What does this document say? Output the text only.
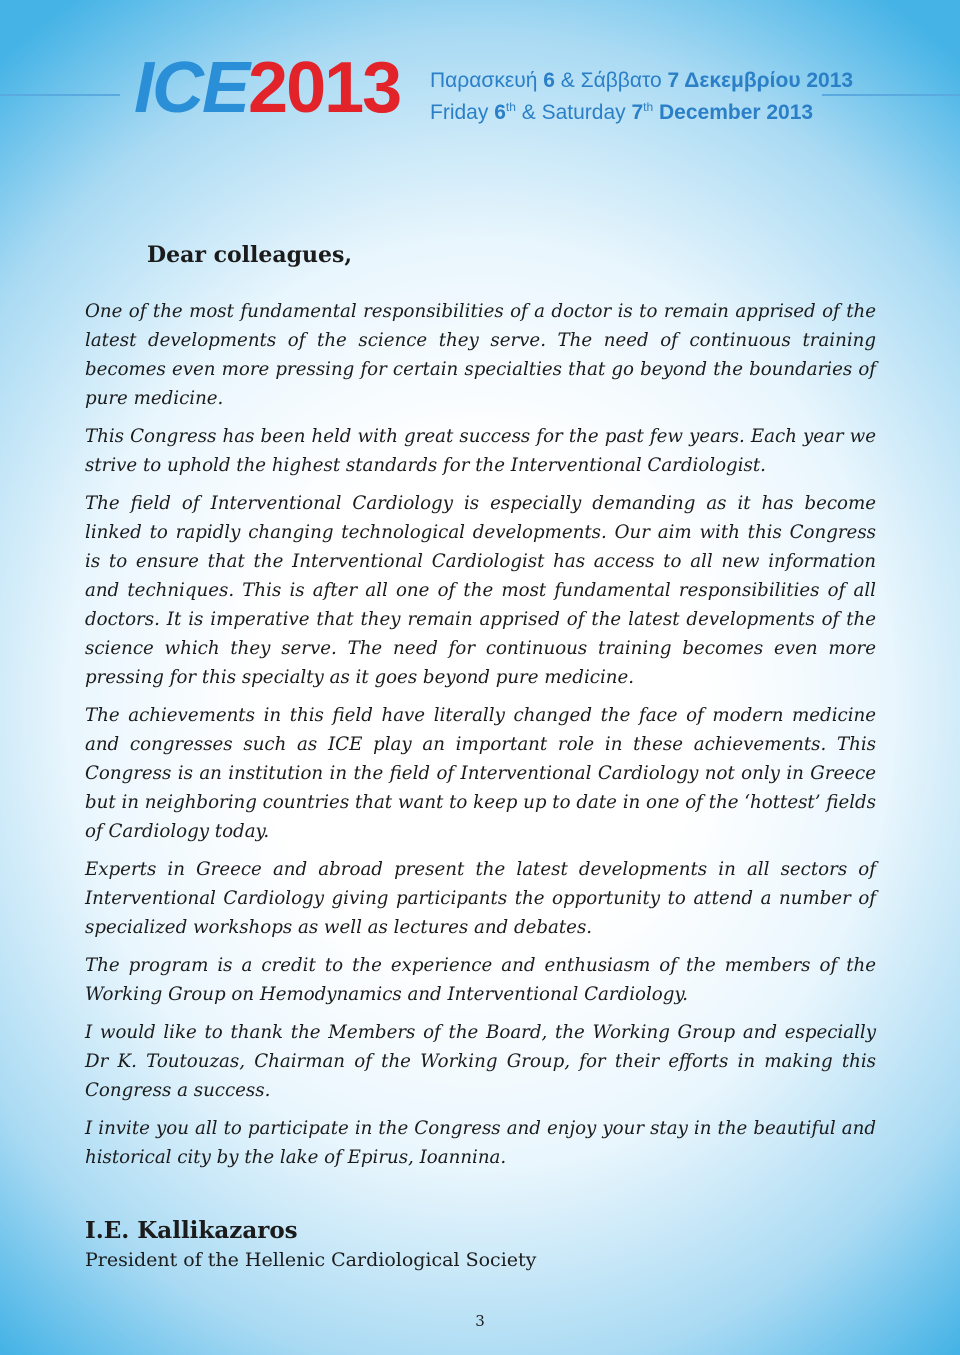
ICE2013 Παρασκευή 6 & Σάββατο 7 Δεκεμβρίου 2013
Friday 6th & Saturday 7th December 2013
Dear colleagues,

One of the most fundamental responsibilities of a doctor is to remain apprised of the latest developments of the science they serve. The need of continuous training becomes even more pressing for certain specialties that go beyond the boundaries of pure medicine.

This Congress has been held with great success for the past few years. Each year we strive to uphold the highest standards for the Interventional Cardiologist.

The field of Interventional Cardiology is especially demanding as it has become linked to rapidly changing technological developments. Our aim with this Congress is to ensure that the Interventional Cardiologist has access to all new information and techniques. This is after all one of the most fundamental responsibilities of all doctors. It is imperative that they remain apprised of the latest developments of the science which they serve. The need for continuous training becomes even more pressing for this specialty as it goes beyond pure medicine.

The achievements in this field have literally changed the face of modern medicine and congresses such as ICE play an important role in these achievements. This Congress is an institution in the field of Interventional Cardiology not only in Greece but in neighboring countries that want to keep up to date in one of the ‘hottest’ fields of Cardiology today.

Experts in Greece and abroad present the latest developments in all sectors of Interventional Cardiology giving participants the opportunity to attend a number of specialized workshops as well as lectures and debates.

The program is a credit to the experience and enthusiasm of the members of the Working Group on Hemodynamics and Interventional Cardiology.

I would like to thank the Members of the Board, the Working Group and especially Dr K. Toutouzas, Chairman of the Working Group, for their efforts in making this Congress a success.

I invite you all to participate in the Congress and enjoy your stay in the beautiful and historical city by the lake of Epirus, Ioannina.

I.E. Kallikazaros
President of the Hellenic Cardiological Society
3
